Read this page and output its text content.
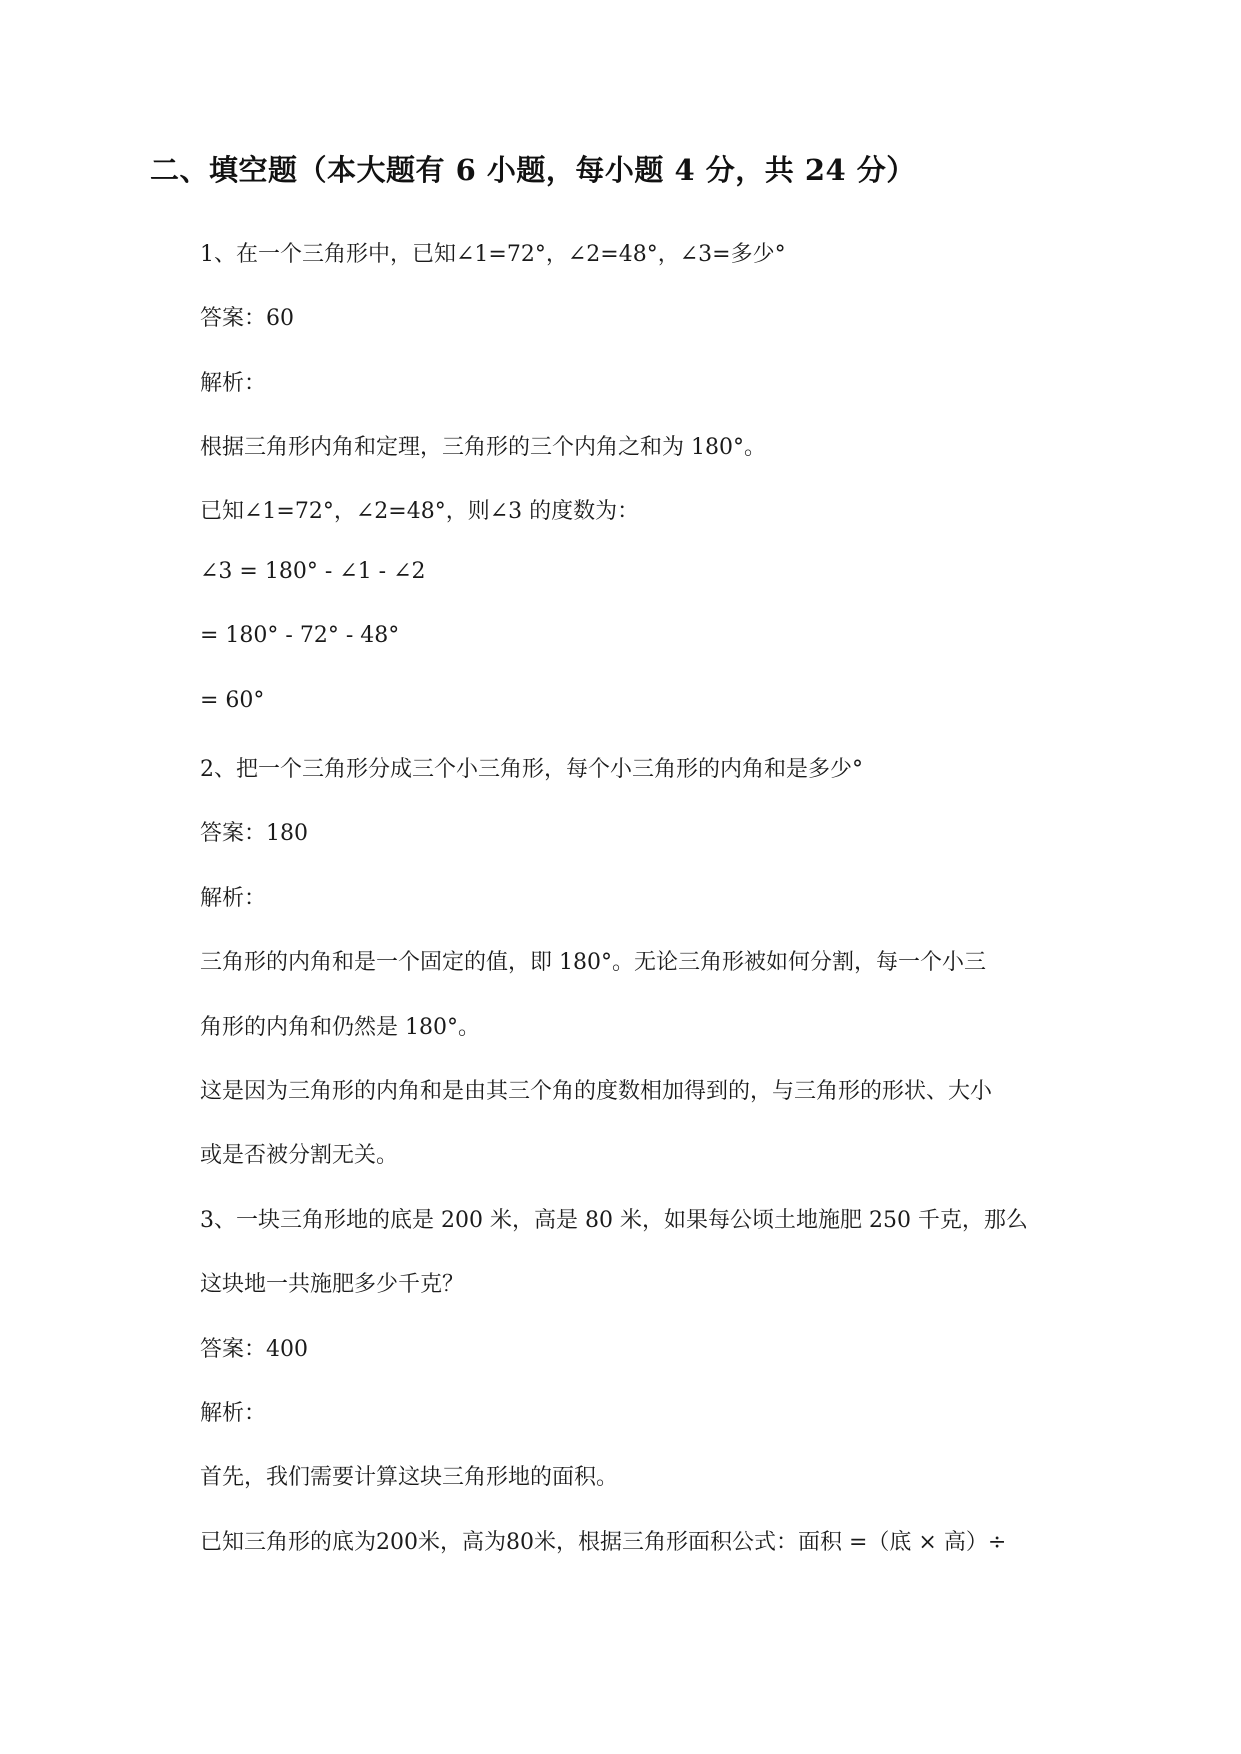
二、填空题（本大题有 6 小题，每小题 4 分，共 24 分）
1、在一个三角形中，已知∠1=72°，∠2=48°，∠3=多少°
答案：60
解析：
根据三角形内角和定理，三角形的三个内角之和为 180°。
已知∠1=72°，∠2=48°，则∠3 的度数为：
∠3 = 180° - ∠1 - ∠2
= 180° - 72° - 48°
= 60°
2、把一个三角形分成三个小三角形，每个小三角形的内角和是多少°
答案：180
解析：
三角形的内角和是一个固定的值，即 180°。无论三角形被如何分割，每一个小三
角形的内角和仍然是 180°。
这是因为三角形的内角和是由其三个角的度数相加得到的，与三角形的形状、大小
或是否被分割无关。
3、一块三角形地的底是 200 米，高是 80 米，如果每公顷土地施肥 250 千克，那么
这块地一共施肥多少千克？
答案：400
解析：
首先，我们需要计算这块三角形地的面积。
已知三角形的底为200米，高为80米，根据三角形面积公式：面积 =（底 × 高）÷
